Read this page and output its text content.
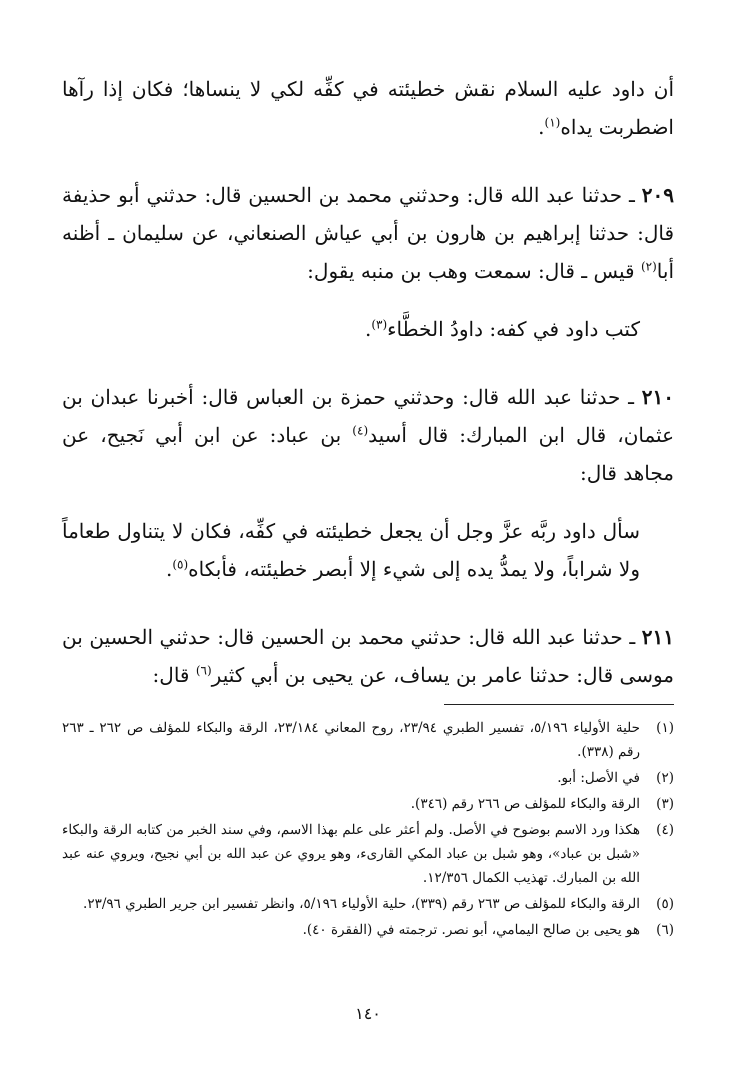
أن داود عليه السلام نقش خطيئته في كفِّه لكي لا ينساها؛ فكان إذا رآها اضطربت يداه$^{(١)}$.

٢٠٩ ـ حدثنا عبد الله قال: وحدثني محمد بن الحسين قال: حدثني أبو حذيفة قال: حدثنا إبراهيم بن هارون بن أبي عياش الصنعاني، عن سليمان ـ أظنه أبا$^{(٢)}$ قيس ـ قال: سمعت وهب بن منبه يقول:

كتب داود في كفه: داودُ الخطَّاء$^{(٣)}$.

٢١٠ ـ حدثنا عبد الله قال: وحدثني حمزة بن العباس قال: أخبرنا عبدان بن عثمان، قال ابن المبارك: قال أسيد$^{(٤)}$ بن عباد: عن ابن أبي نَجيح، عن مجاهد قال:

سأل داود ربَّه عزَّ وجل أن يجعل خطيئته في كفِّه، فكان لا يتناول طعاماً ولا شراباً، ولا يمدُّ يده إلى شيء إلا أبصر خطيئته، فأبكاه$^{(٥)}$.

٢١١ ـ حدثنا عبد الله قال: حدثني محمد بن الحسين قال: حدثني الحسين بن موسى قال: حدثنا عامر بن يساف، عن يحيى بن أبي كثير$^{(٦)}$ قال:

(١)
حلية الأولياء ٥/١٩٦، تفسير الطبري ٢٣/٩٤، روح المعاني ٢٣/١٨٤، الرقة والبكاء للمؤلف ص ٢٦٢ ـ ٢٦٣ رقم (٣٣٨).
(٢)
في الأصل: أبو.
(٣)
الرقة والبكاء للمؤلف ص ٢٦٦ رقم (٣٤٦).
(٤)
هكذا ورد الاسم بوضوح في الأصل. ولم أعثر على علم بهذا الاسم، وفي سند الخبر من كتابه الرقة والبكاء «شبل بن عباد»، وهو شبل بن عباد المكي القارىء، وهو يروي عن عبد الله بن أبي نجيح، ويروي عنه عبد الله بن المبارك. تهذيب الكمال ١٢/٣٥٦.
(٥)
الرقة والبكاء للمؤلف ص ٢٦٣ رقم (٣٣٩)، حلية الأولياء ٥/١٩٦، وانظر تفسير ابن جرير الطبري ٢٣/٩٦.
(٦)
هو يحيى بن صالح اليمامي، أبو نصر. ترجمته في (الفقرة ٤٠).
١٤٠
